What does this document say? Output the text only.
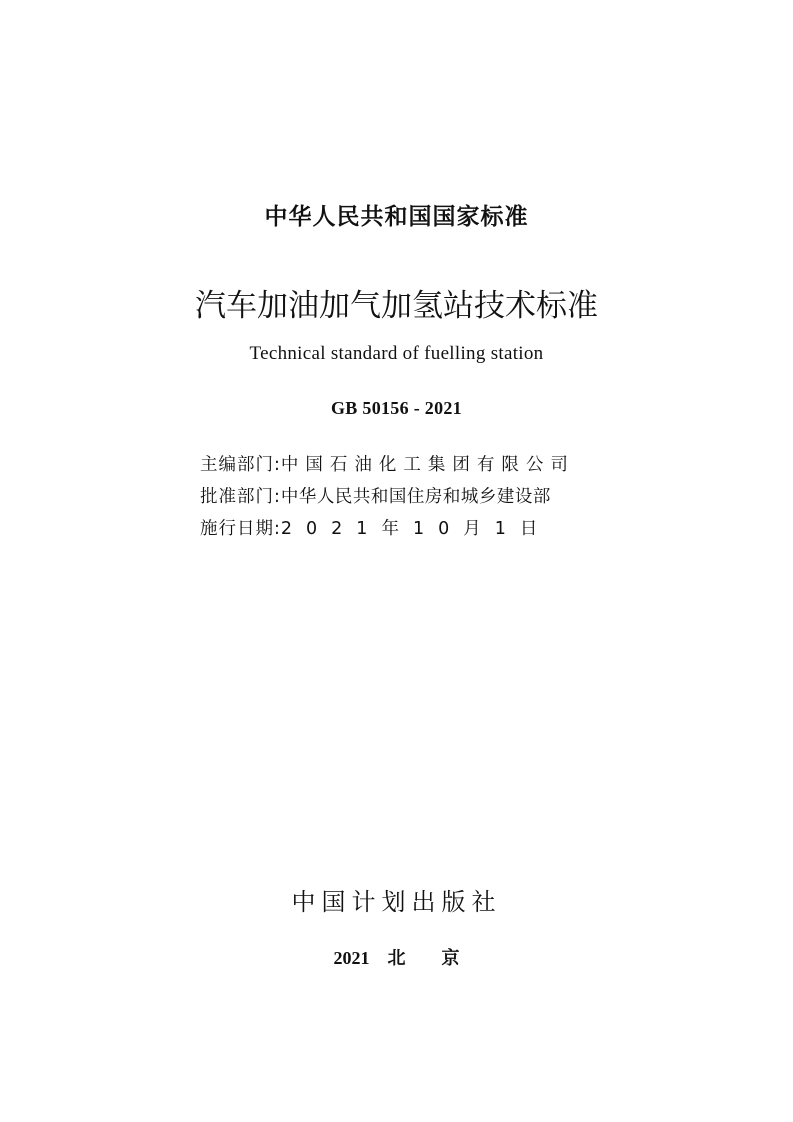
中华人民共和国国家标准
汽车加油加气加氢站技术标准
Technical standard of fuelling station
GB 50156 - 2021
主编部门:中国石油化工集团有限公司
批准部门:中华人民共和国住房和城乡建设部
施行日期:2021年10月1日
中国计划出版社
2021 北京
